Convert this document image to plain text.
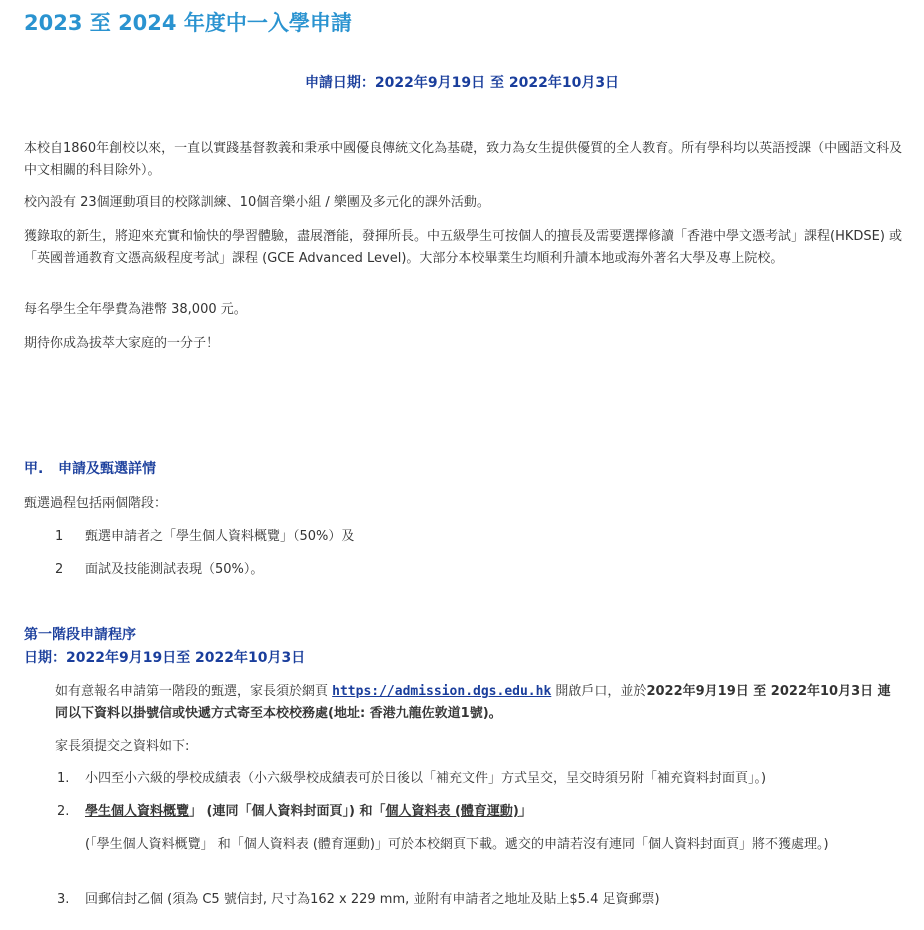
2023 至 2024 年度中一入學申請
申請日期：2022年9月19日 至 2022年10月3日

本校自1860年創校以來，一直以實踐基督教義和秉承中國優良傳統文化為基礎，致力為女生提供優質的全人教育。所有學科均以英語授課（中國語文科及中文相關的科目除外）。

校內設有 23個運動項目的校隊訓練、10個音樂小組 / 樂團及多元化的課外活動。

獲錄取的新生，將迎來充實和愉快的學習體驗，盡展潛能，發揮所長。中五級學生可按個人的擅長及需要選擇修讀「香港中學文憑考試」課程(HKDSE) 或「英國普通教育文憑高級程度考試」課程 (GCE Advanced Level)。大部分本校畢業生均順利升讀本地或海外著名大學及專上院校。

每名學生全年學費為港幣 38,000 元。

期待你成為拔萃大家庭的一分子！

甲.   申請及甄選詳情

甄選過程包括兩個階段：

1 甄選申請者之「學生個人資料概覽」（50%）及

2 面試及技能測試表現（50%）。

第一階段申請程序
日期：2022年9月19日至 2022年10月3日

如有意報名申請第一階段的甄選，家長須於網頁 https://admission.dgs.edu.hk 開啟戶口，並於2022年9月19日 至 2022年10月3日 連同以下資料以掛號信或快遞方式寄至本校校務處(地址: 香港九龍佐敦道1號)。

家長須提交之資料如下:

1. 小四至小六級的學校成績表（小六級學校成績表可於日後以「補充文件」方式呈交，呈交時須另附「補充資料封面頁」。)

2. 學生個人資料概覽」 (連同「個人資料封面頁」) 和「個人資料表 (體育運動)」

(「學生個人資料概覽」 和「個人資料表 (體育運動)」可於本校網頁下載。遞交的申請若沒有連同「個人資料封面頁」將不獲處理。)

3. 回郵信封乙個 (須為 C5 號信封, 尺寸為162 x 229 mm, 並附有申請者之地址及貼上$5.4 足資郵票)
